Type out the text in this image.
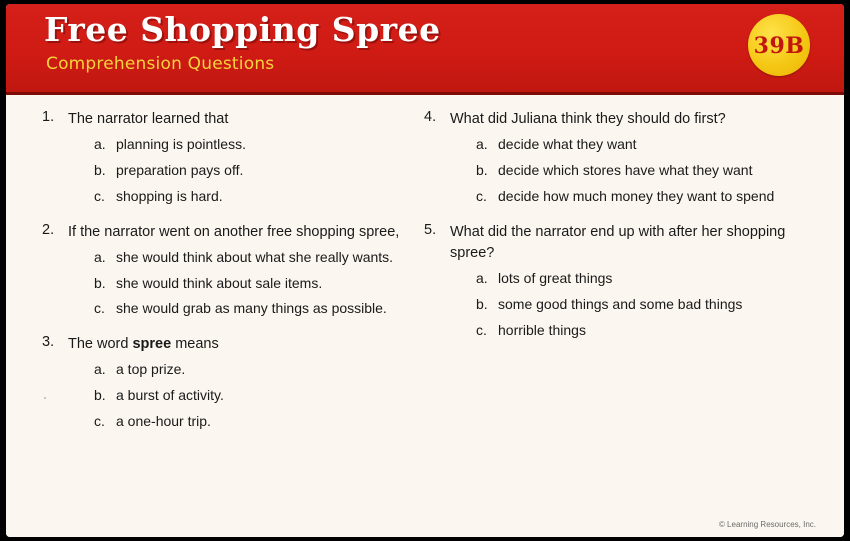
Free Shopping Spree
Comprehension Questions
39B
1. The narrator learned that
a. planning is pointless.
b. preparation pays off.
c. shopping is hard.
2. If the narrator went on another free shopping spree,
a. she would think about what she really wants.
b. she would think about sale items.
c. she would grab as many things as possible.
3. The word spree means
a. a top prize.
b. a burst of activity.
c. a one-hour trip.
4. What did Juliana think they should do first?
a. decide what they want
b. decide which stores have what they want
c. decide how much money they want to spend
5. What did the narrator end up with after her shopping spree?
a. lots of great things
b. some good things and some bad things
c. horrible things
© Learning Resources, Inc.
